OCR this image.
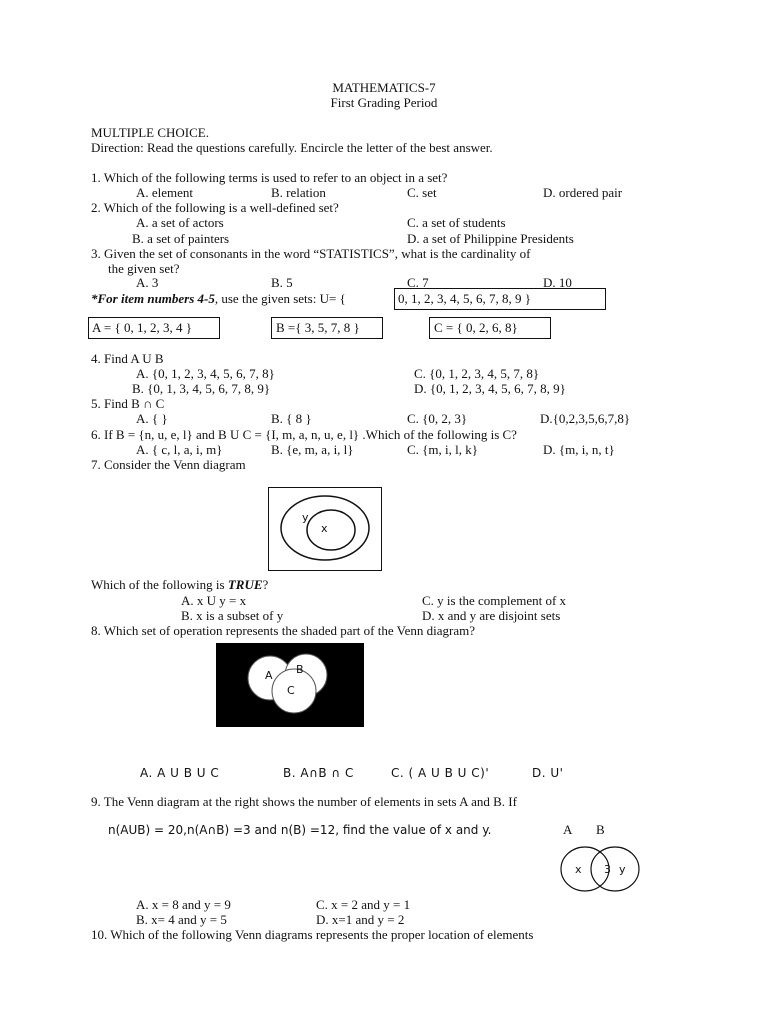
MATHEMATICS-7
First Grading Period
MULTIPLE CHOICE.
Direction: Read the questions carefully. Encircle the letter of the best answer.
1. Which of the following terms is used to refer to an object in a set?
A. element	B. relation	C. set	D. ordered pair
2. Which of the following is a well-defined set?
A. a set of actors	C. a set of students
B. a set of painters	D. a set of Philippine Presidents
3. Given the set of consonants in the word “STATISTICS”, what is the cardinality of
the given set?
A. 3	B. 5	C. 7	D. 10
*For item numbers 4-5, use the given sets: U= {	0, 1, 2, 3, 4, 5, 6, 7, 8, 9 }
A = { 0, 1, 2, 3, 4 }	B ={ 3, 5, 7, 8 }	C = { 0, 2, 6, 8}
4. Find A U B
A. {0, 1, 2, 3, 4, 5, 6, 7, 8}	C. {0, 1, 2, 3, 4, 5, 7, 8}
B. {0, 1, 3, 4, 5, 6, 7, 8, 9}	D. {0, 1, 2, 3, 4, 5, 6, 7, 8, 9}
5. Find B ∩ C
A. { }	B. { 8 }	C. {0, 2, 3}	D.{0,2,3,5,6,7,8}
6. If B = {n, u, e, l} and B U C = {I, m, a, n, u, e, l} .Which of the following is C?
A. { c, l, a, i, m}	B. {e, m, a, i, l}	C. {m, i, l, k}	D. {m, i, n, t}
7. Consider the Venn diagram
y
x
Which of the following is TRUE?
A. x U y = x	C. y is the complement of x
B. x is a subset of y	D. x and y are disjoint sets
8. Which set of operation represents the shaded part of the Venn diagram?
A B
C
A. A U B U C	B. A∩B ∩ C	C. ( A U B U C)'	D. U'
9. The Venn diagram at the right shows the number of elements in sets A and B. If
n(AUB) = 20,n(A∩B) =3 and n(B) =12, find the value of x and y.	A B
x 3 y
A. x = 8 and y = 9	C. x = 2 and y = 1
B. x= 4 and y = 5	D. x=1 and y = 2
10. Which of the following Venn diagrams represents the proper location of elements
